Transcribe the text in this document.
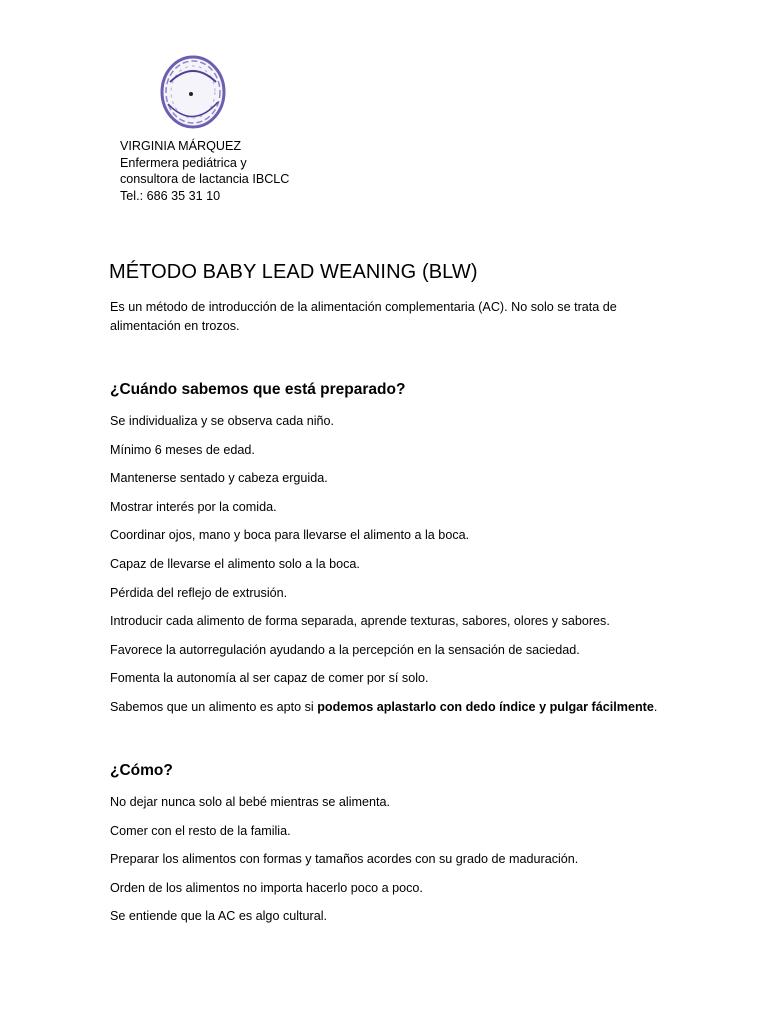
VIRGINIA MÁRQUEZ
Enfermera pediátrica y
consultora de lactancia IBCLC
Tel.: 686 35 31 10
MÉTODO BABY LEAD WEANING (BLW)

Es un método de introducción de la alimentación complementaria (AC). No solo se trata de alimentación en trozos.

¿Cuándo sabemos que está preparado?
Se individualiza y se observa cada niño.
Mínimo 6 meses de edad.
Mantenerse sentado y cabeza erguida.
Mostrar interés por la comida.
Coordinar ojos, mano y boca para llevarse el alimento a la boca.
Capaz de llevarse el alimento solo a la boca.
Pérdida del reflejo de extrusión.
Introducir cada alimento de forma separada, aprende texturas, sabores, olores y sabores.
Favorece la autorregulación ayudando a la percepción en la sensación de saciedad.
Fomenta la autonomía al ser capaz de comer por sí solo.
Sabemos que un alimento es apto si podemos aplastarlo con dedo índice y pulgar fácilmente.
¿Cómo?
No dejar nunca solo al bebé mientras se alimenta.
Comer con el resto de la familia.
Preparar los alimentos con formas y tamaños acordes con su grado de maduración.
Orden de los alimentos no importa hacerlo poco a poco.
Se entiende que la AC es algo cultural.
